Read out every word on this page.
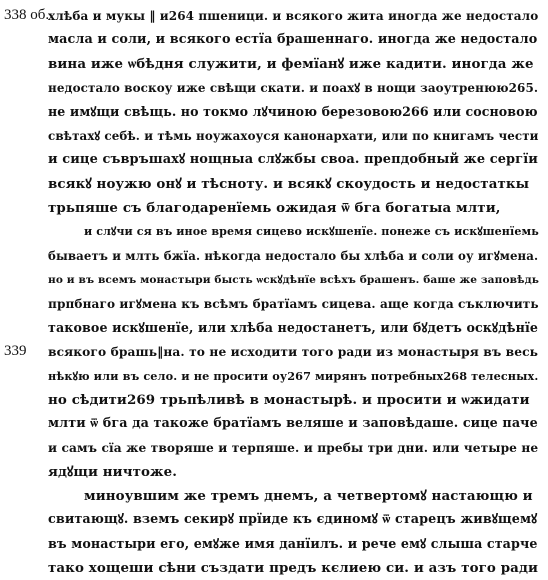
338 об.
339
хлѣба и мукы ‖ и264 пшеници. и всякого жита иногда же недостало
масла и соли, и всякого естїа брашеннаго. иногда же недостало
вина иже ѡбѣдня служити, и фемїанꙋ иже кадити. иногда же
недостало воскоу иже свѣщи скати. и поахꙋ в нощи заоутренюю265.
не имꙋщи свѣщь. но токмо лꙋчиною березовою266 или сосновою
свѣтахꙋ себѣ. и тѣмь ноужахоуся канонархати, или по книгамъ чести
и сице съвръшахꙋ нощныа слꙋжбы своа. препдобный же сергїи
всякꙋ ноужю онꙋ и тѣсноту. и всякꙋ скоудость и недостаткы
трьпяше съ благодаренїемь ожидая ѿ бга богатыа млти,
и слꙋчи ся въ иное время сицево искꙋшенїе. понеже съ искꙋшенїемь
бываетъ и млть бжїа. нѣкогда недостало бы хлѣба и соли оу игꙋмена.
но и въ всемъ монастыри бысть ѡскꙋдѣнїе всѣхъ брашенъ. баше же заповѣдь
прпбнаго игꙋмена къ всѣмъ братїамъ сицева. аще когда съключить
таковое искꙋшенїе, или хлѣба недостанетъ, или бꙋдетъ оскꙋдѣнїе
всякого брашь‖на. то не исходити того ради из монастыря въ весь
нѣкꙋю или въ село. и не просити оу267 мирянъ потребных268 телесных.
но сѣдити269 трьпѣливѣ в монастырѣ. и просити и ѡжидати
млти ѿ бга да такоже братїамъ веляше и заповѣдаше. сице паче
и самъ сїа же творяше и терпяше. и пребы три дни. или четыре не
ядꙋщи ничтоже.
миноувшим же тремъ днемъ, а четвертомꙋ настающю и
свитающꙋ. вземъ секирꙋ прїиде къ єдиномꙋ ѿ старецъ живꙋщемꙋ
въ монастыри его, емꙋже имя данїилъ. и рече емꙋ слыша старче
тако хощеши сѣни създати предъ кєлиею си. и азъ того ради
